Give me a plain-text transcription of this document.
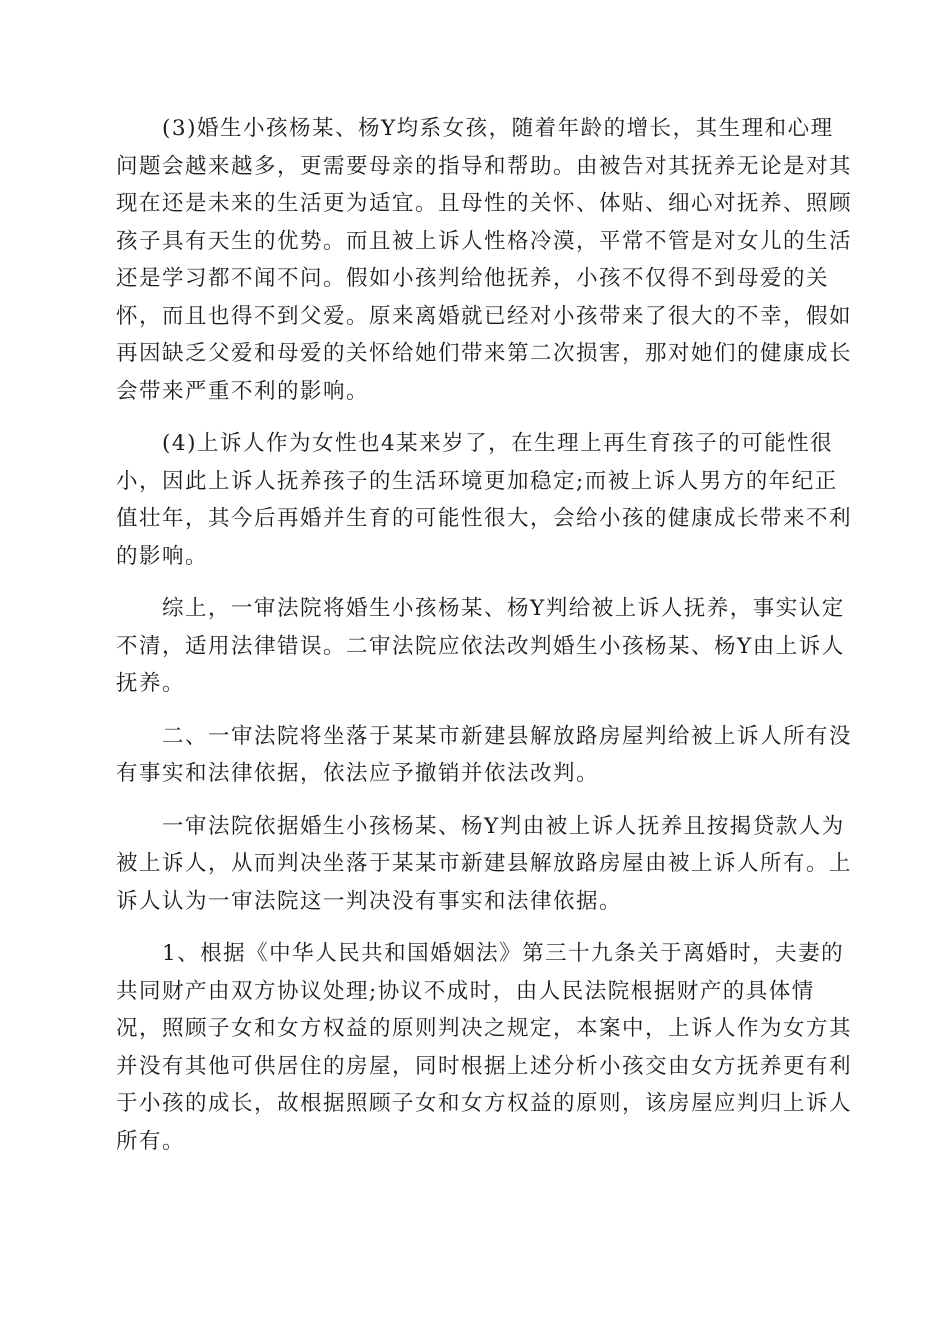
　　(3)婚生小孩杨某、杨Y均系女孩，随着年龄的增长，其生理和心理
问题会越来越多，更需要母亲的指导和帮助。由被告对其抚养无论是对其
现在还是未来的生活更为适宜。且母性的关怀、体贴、细心对抚养、照顾
孩子具有天生的优势。而且被上诉人性格冷漠，平常不管是对女儿的生活
还是学习都不闻不问。假如小孩判给他抚养，小孩不仅得不到母爱的关
怀，而且也得不到父爱。原来离婚就已经对小孩带来了很大的不幸，假如
再因缺乏父爱和母爱的关怀给她们带来第二次损害，那对她们的健康成长
会带来严重不利的影响。

　　(4)上诉人作为女性也4某来岁了，在生理上再生育孩子的可能性很
小，因此上诉人抚养孩子的生活环境更加稳定;而被上诉人男方的年纪正
值壮年，其今后再婚并生育的可能性很大，会给小孩的健康成长带来不利
的影响。

　　综上，一审法院将婚生小孩杨某、杨Y判给被上诉人抚养，事实认定
不清，适用法律错误。二审法院应依法改判婚生小孩杨某、杨Y由上诉人
抚养。

　　二、一审法院将坐落于某某市新建县解放路房屋判给被上诉人所有没
有事实和法律依据，依法应予撤销并依法改判。

　　一审法院依据婚生小孩杨某、杨Y判由被上诉人抚养且按揭贷款人为
被上诉人，从而判决坐落于某某市新建县解放路房屋由被上诉人所有。上
诉人认为一审法院这一判决没有事实和法律依据。

　　1、根据《中华人民共和国婚姻法》第三十九条关于离婚时，夫妻的
共同财产由双方协议处理;协议不成时，由人民法院根据财产的具体情
况，照顾子女和女方权益的原则判决之规定，本案中，上诉人作为女方其
并没有其他可供居住的房屋，同时根据上述分析小孩交由女方抚养更有利
于小孩的成长，故根据照顾子女和女方权益的原则，该房屋应判归上诉人
所有。
